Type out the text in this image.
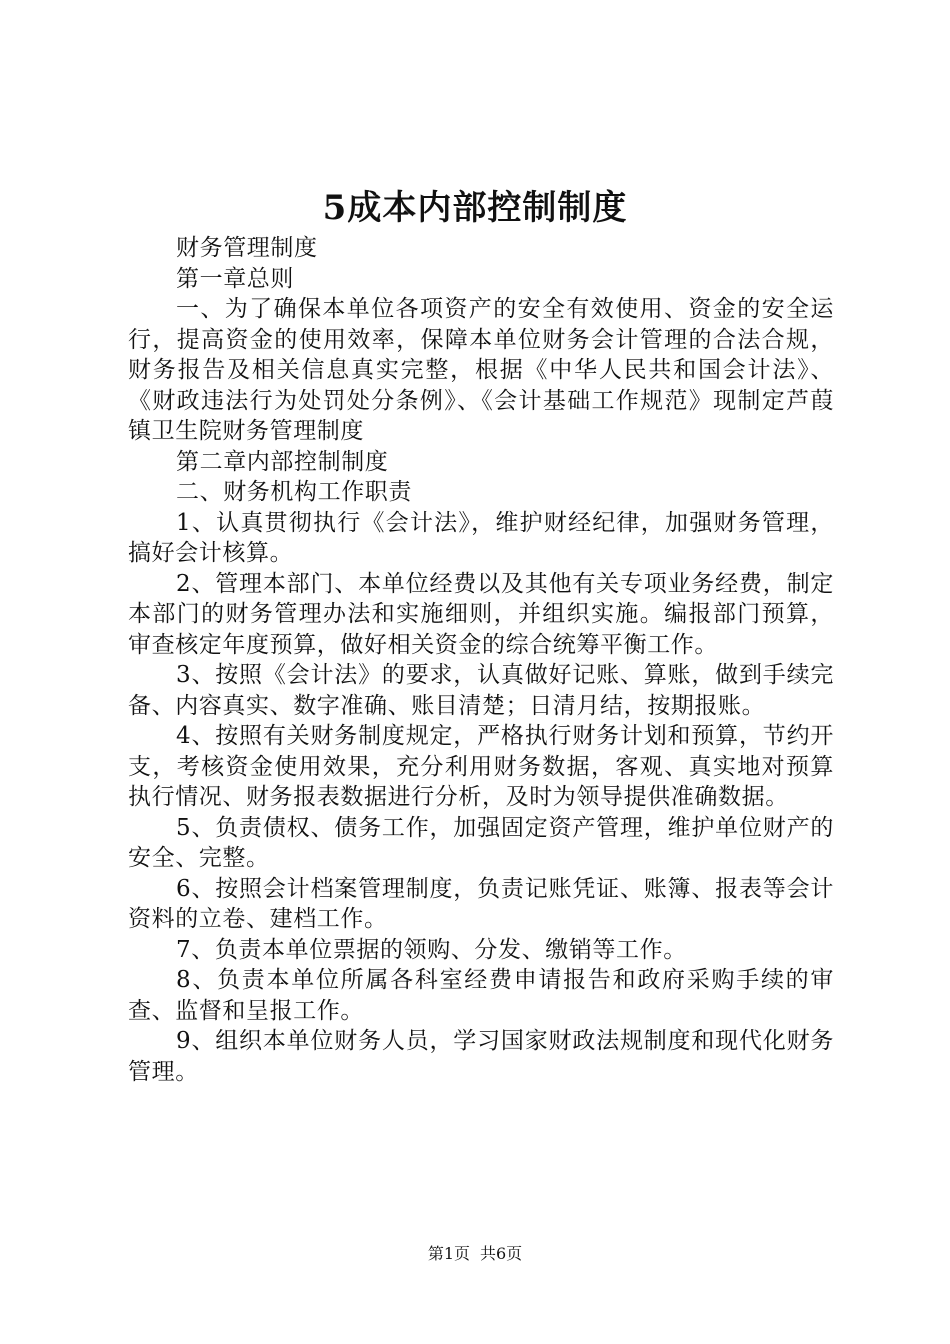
5成本内部控制制度

财务管理制度

第一章总则

一、为了确保本单位各项资产的安全有效使用、资金的安全运行，提高资金的使用效率，保障本单位财务会计管理的合法合规，财务报告及相关信息真实完整，根据《中华人民共和国会计法》、《财政违法行为处罚处分条例》、《会计基础工作规范》现制定芦葭镇卫生院财务管理制度

第二章内部控制制度

二、财务机构工作职责

1、认真贯彻执行《会计法》，维护财经纪律，加强财务管理，搞好会计核算。

2、管理本部门、本单位经费以及其他有关专项业务经费，制定本部门的财务管理办法和实施细则，并组织实施。编报部门预算，审查核定年度预算，做好相关资金的综合统筹平衡工作。

3、按照《会计法》的要求，认真做好记账、算账，做到手续完备、内容真实、数字准确、账目清楚；日清月结，按期报账。

4、按照有关财务制度规定，严格执行财务计划和预算，节约开支，考核资金使用效果，充分利用财务数据，客观、真实地对预算执行情况、财务报表数据进行分析，及时为领导提供准确数据。

5、负责债权、债务工作，加强固定资产管理，维护单位财产的安全、完整。

6、按照会计档案管理制度，负责记账凭证、账簿、报表等会计资料的立卷、建档工作。

7、负责本单位票据的领购、分发、缴销等工作。

8、负责本单位所属各科室经费申请报告和政府采购手续的审查、监督和呈报工作。

9、组织本单位财务人员，学习国家财政法规制度和现代化财务管理。

第1页 共6页
